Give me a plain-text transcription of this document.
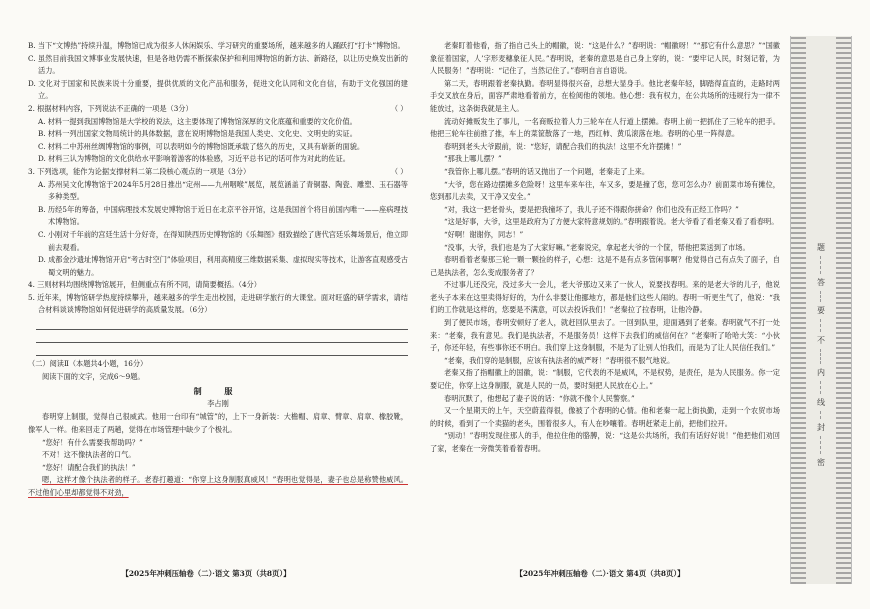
B. 当下“文博热”持续升温，博物馆已成为很多人休闲娱乐、学习研究的重要场所，越来越多的人踊跃打“打卡”博物馆。

C. 虽然目前我国文博事业发展快速，但是各地仍需不断探索保护和利用博物馆的新方法、新路径，以让历史焕发出新的活力。

D. 文化对于国家和民族来说十分重要，提供优质的文化产品和服务，促进文化认同和文化自信，有助于文化强国的建立。

2. 根据材料内容，下列说法不正确的一项是（3分）	（ ）

A. 材料一提到我国博物馆是大学校的说法，这主要体现了博物馆深厚的文化底蕴和重要的文化价值。

B. 材料一列出国家文物局统计的具体数据，意在说明博物馆是我国人类史、文化史、文明史的实证。

C. 材料二中苏州丝绸博物馆的事例，可以表明如今的博物馆既承载了悠久的历史，又具有崭新的面貌。

D. 材料三认为博物馆的文化供给水平影响着游客的体验感，习近平总书记的话可作为对此的佐证。

3. 下列选项，能作为论据支撑材料二第二段核心观点的一项是（3分）	（ ）

A. 苏州吴文化博物馆于2024年5月28日推出“定州——九州咽喉”展览，展览涵盖了青铜器、陶瓷、雕塑、玉石器等多种类型。

B. 历经5年的筹备，中国病理技术发展史博物馆于近日在北京平谷开馆，这是我国首个将目前国内唯一——座病理技术博物馆。

C. 小刚对千年前的宫廷生活十分好奇，在得知陕西历史博物馆的《乐舞图》细致描绘了唐代宫廷乐舞场景后，他立即前去观看。

D. 成都金沙遗址博物馆开启“考古时空门”体验项目，利用高精度三维数据采集、虚拟现实等技术，让游客直观感受古蜀文明的魅力。

4. 三则材料均围绕博物馆展开，但侧重点有所不同，请简要概括。（4分）

5. 近年来，博物馆研学热度持续攀升，越来越多的学生走出校园，走进研学旅行的大课堂。面对旺盛的研学需求，请结合材料谈谈博物馆如何促进研学的高质量发展。（6分）

（二）阅读Ⅱ（本题共4小题，16分）

阅读下面的文字，完成6～9题。

制 服

李占刚

春明穿上制服，觉得自己很威武。他用一台印有“城管”的，上下一身新装：大檐帽、肩章、臂章、肩章、橡胶靴，像军人一样。他来回走了两趟，觉得在市场管理中缺少了个极礼。

“您好！有什么需要我帮助吗？”

不对！这不像执法者的口气。

“您好！请配合我们的执法！”

嗯，这样才像个执法者的样子。老春打趣道：“你穿上这身制服真威风！”春明也觉得是，妻子也总是称赞他威风。不过他们心里却都觉得不对劲，

【2025年冲刺压轴卷（二）·语文 第3页（共8页）】

老秦盯着他看，指了指自己头上的帽徽，说：“这是什么？”春明说：“帽徽呀！”“那它有什么意思？”“国徽象征着国家，人’字形麦穗象征人民。”春明说，老秦的意思是自己身上穿的，说：“要牢记人民，时刻记着，为人民服务！”春明说：“记住了，当然记住了。”春明自言自语说。

第二天，春明跟着老秦执勤。春明显得很兴奋，总想大显身手。他比老秦年轻，脚踏得直直的，走路时两手交叉放在身后，面容严肃地看着前方，在检阅他的领地。他心想：我有权力，在公共场所的违规行为一律不能放过，这条街我就是主人。

流动好摊贩发生了事儿，一名商贩拉着人力三轮车在人行道上摆摊。春明上前一把抓住了三轮车的把手。他把三轮车往前推了推，车上的菜筐散落了一地，西红柿、黄瓜滚落在地。春明的心里一阵得意。

春明到老头大爷跟前，说：“您好，请配合我们的执法！这里不允许摆摊！”

“那我上哪儿摆？”

“我管你上哪儿摆。”春明的话又抛出了一个问题，老秦走了上来。

“大爷，您在路边摆摊多危险呀！这里车来车往，车又多，要是撞了您，您可怎么办？前面菜市场有摊位，您到那儿去卖，又干净又安全。”

“对，我这一把老骨头，要是把我撞坏了，我儿子还不得跟你拼命？你们也没有正经工作吗？”

“这是好事，大爷，这里是政府为了方便大家特意规划的。”春明跟着说。老大爷看了看老秦又看了看春明。

“好啊！谢谢你，同志！”

“没事，大爷，我们也是为了大家好嘛。”老秦说完，拿起老大爷的一个筐，帮他把菜送到了市场。

春明看着老秦那三轮一颗一颗捡的样子，心想：这是不是有点多管闲事啊？他觉得自己有点失了面子，自己是执法者，怎么变成服务者了？

不过事儿还没完，没过多大一会儿，老大爷那边又来了一伙人，说要找春明。来的是老大爷的儿子，他说老头子本来在这里卖得好好的，为什么非要让他挪地方，都是他们这些人闹的。春明一听更生气了，他说：“我们的工作就是这样的，您要是不满意，可以去投诉我们！”老秦拉了拉春明，让他冷静。

到了便民市场，春明安顿好了老人，就赶回队里去了。一回到队里，迎面遇到了老秦。春明就气不打一处来：“老秦，我有意见。我们是执法者，不是服务员！这样下去我们的威信何在？”老秦听了哈哈大笑：“小伙子，你还年轻，有些事你还不明白。我们穿上这身制服，不是为了让别人怕我们，而是为了让人民信任我们。”

“老秦，我们穿的是制服，应该有执法者的威严呀！”春明很不服气地说。

老秦又指了指帽徽上的国徽，说：“制服，它代表的不是威风，不是权势，是责任，是为人民服务。你一定要记住，你穿上这身制服，就是人民的一员，要时刻把人民放在心上。”

春明沉默了，他想起了妻子说的话：“你就不像个人民警察。”

又一个星期天的上午，天空蔚蓝得很，像被了个春明的心情。他和老秦一起上街执勤，走到一个农贸市场的时候，看到了一个卖猫的老头，围着很多人，有人在吵嚷着。春明赶紧走上前，把他们拉开。

“别动！”春明发现住那人的手，他拉住他的胳膊，说：“这是公共场所，我们有话好好说！”他把他们劝回了家，老秦在一旁微笑着看着春明。

【2025年冲刺压轴卷（二）·语文 第4页（共8页）】
题
答
要
不
内
线
封
密
